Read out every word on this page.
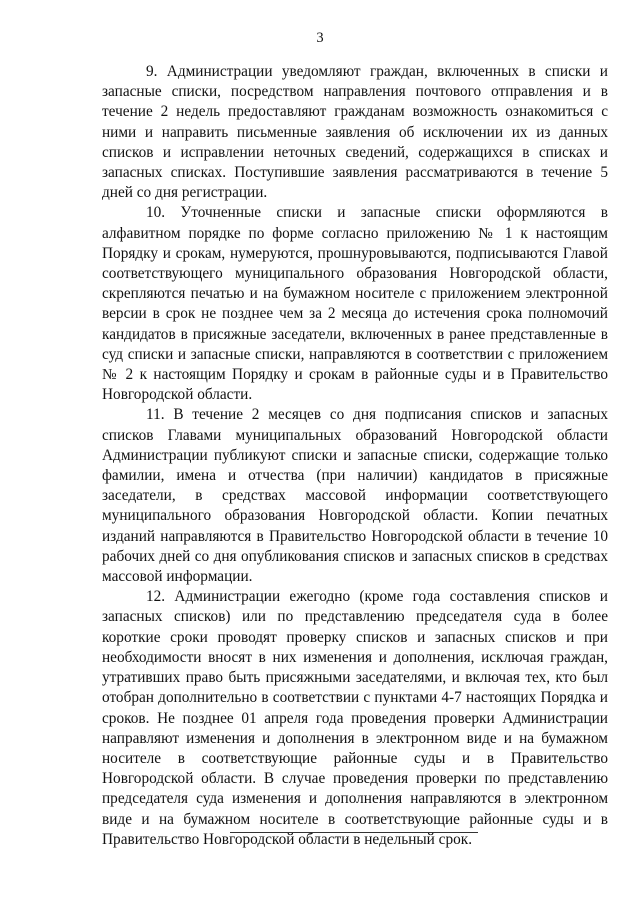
3

9. Администрации уведомляют граждан, включенных в списки и запасные списки, посредством направления почтового отправления и в течение 2 недель предоставляют гражданам возможность ознакомиться с ними и направить письменные заявления об исключении их из данных списков и исправлении неточных сведений, содержащихся в списках и запасных списках. Поступившие заявления рассматриваются в течение 5 дней со дня регистрации.

10. Уточненные списки и запасные списки оформляются в алфавитном порядке по форме согласно приложению № 1 к настоящим Порядку и срокам, нумеруются, прошнуровываются, подписываются Главой соответствующего муниципального образования Новгородской области, скрепляются печатью и на бумажном носителе с приложением электронной версии в срок не позднее чем за 2 месяца до истечения срока полномочий кандидатов в присяжные заседатели, включенных в ранее представленные в суд списки и запасные списки, направляются в соответствии с приложением № 2 к настоящим Порядку и срокам в районные суды и в Правительство Новгородской области.

11. В течение 2 месяцев со дня подписания списков и запасных списков Главами муниципальных образований Новгородской области Администрации публикуют списки и запасные списки, содержащие только фамилии, имена и отчества (при наличии) кандидатов в присяжные заседатели, в средствах массовой информации соответствующего муниципального образования Новгородской области. Копии печатных изданий направляются в Правительство Новгородской области в течение 10 рабочих дней со дня опубликования списков и запасных списков в средствах массовой информации.

12. Администрации ежегодно (кроме года составления списков и запасных списков) или по представлению председателя суда в более короткие сроки проводят проверку списков и запасных списков и при необходимости вносят в них изменения и дополнения, исключая граждан, утративших право быть присяжными заседателями, и включая тех, кто был отобран дополнительно в соответствии с пунктами 4-7 настоящих Порядка и сроков. Не позднее 01 апреля года проведения проверки Администрации направляют изменения и дополнения в электронном виде и на бумажном носителе в соответствующие районные суды и в Правительство Новгородской области. В случае проведения проверки по представлению председателя суда изменения и дополнения направляются в электронном виде и на бумажном носителе в соответствующие районные суды и в Правительство Новгородской области в недельный срок.
